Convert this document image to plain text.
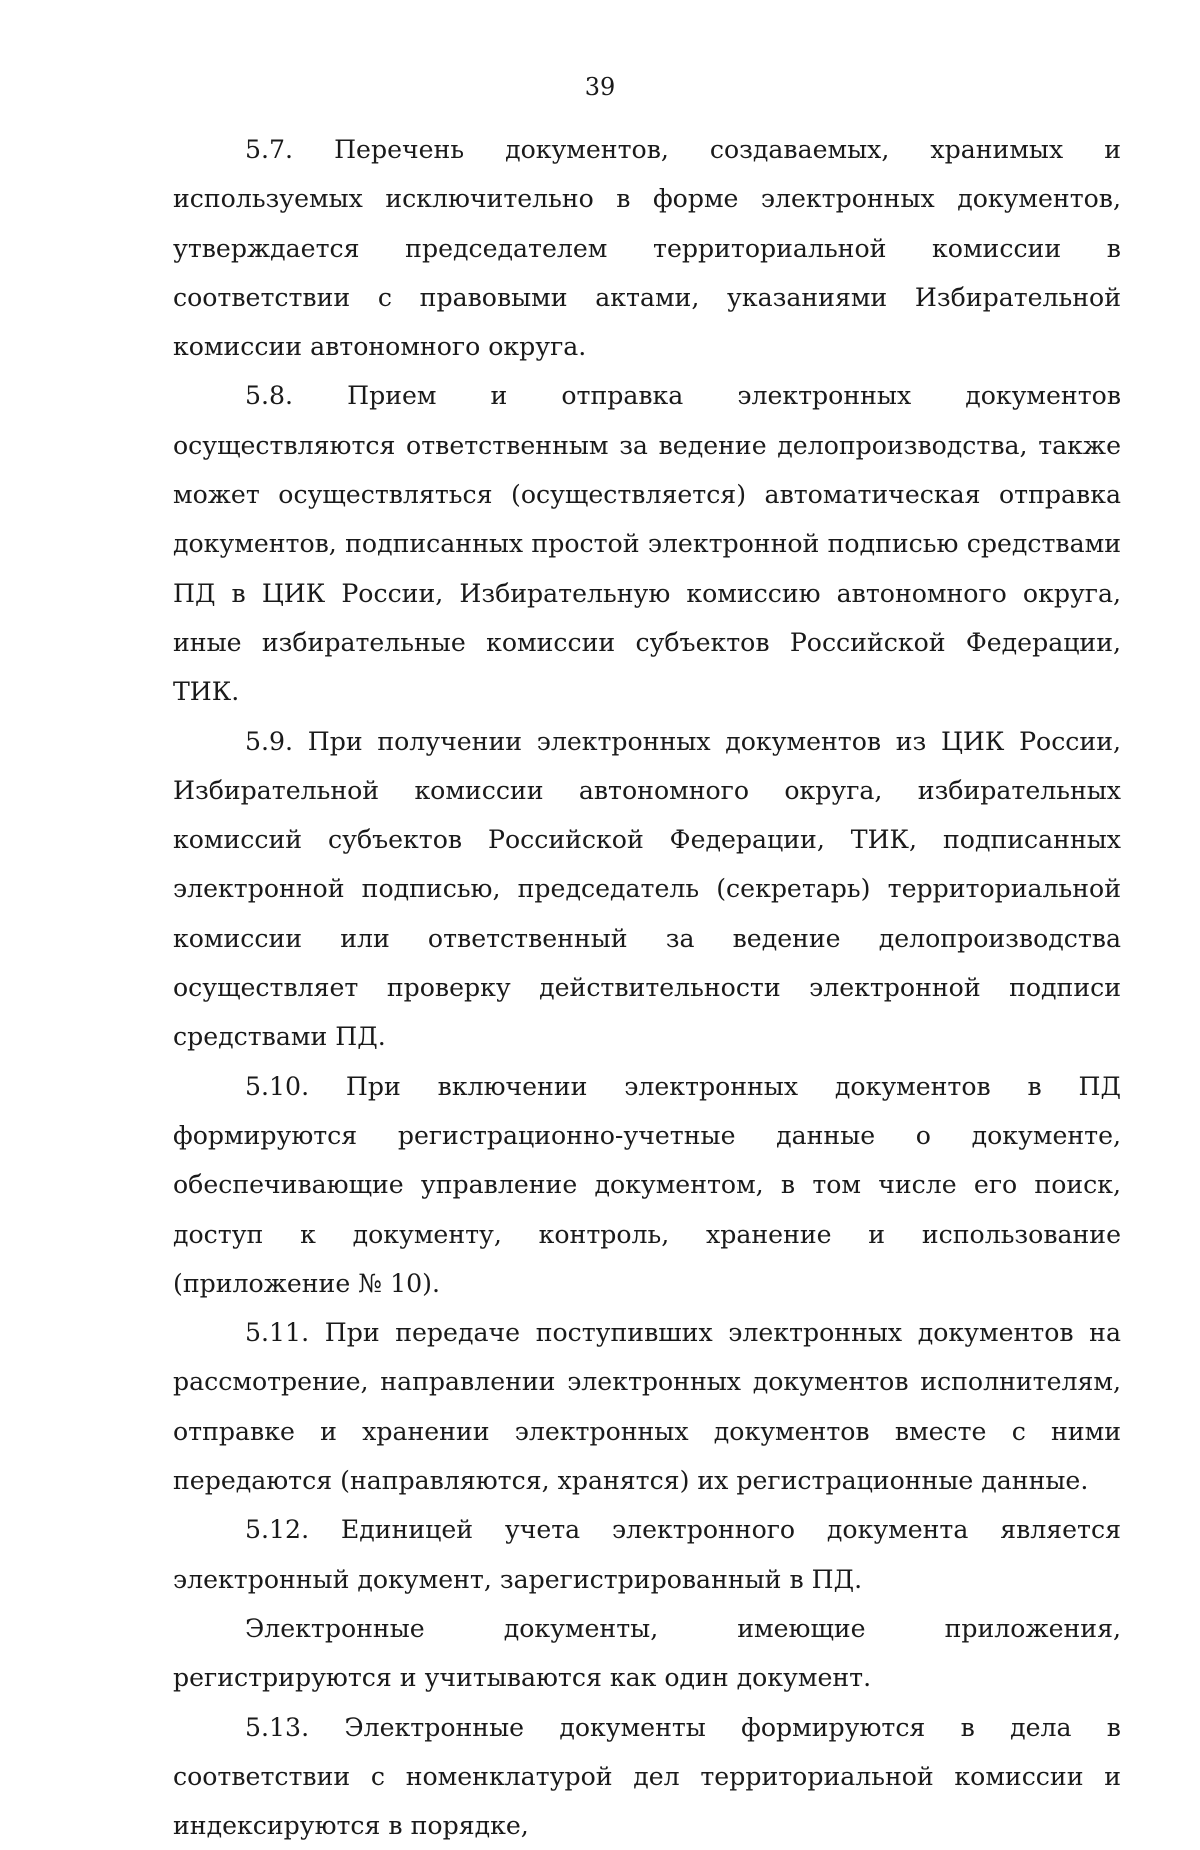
39

5.7. Перечень документов, создаваемых, хранимых и используемых исключительно в форме электронных документов, утверждается председателем территориальной комиссии в соответствии с правовыми актами, указаниями Избирательной комиссии автономного округа.

5.8. Прием и отправка электронных документов осуществляются ответственным за ведение делопроизводства, также может осуществляться (осуществляется) автоматическая отправка документов, подписанных простой электронной подписью средствами ПД в ЦИК России, Избирательную комиссию автономного округа, иные избирательные комиссии субъектов Российской Федерации, ТИК.

5.9. При получении электронных документов из ЦИК России, Избирательной комиссии автономного округа, избирательных комиссий субъектов Российской Федерации, ТИК, подписанных электронной подписью, председатель (секретарь) территориальной комиссии или ответственный за ведение делопроизводства осуществляет проверку действительности электронной подписи средствами ПД.

5.10. При включении электронных документов в ПД формируются регистрационно-учетные данные о документе, обеспечивающие управление документом, в том числе его поиск, доступ к документу, контроль, хранение и использование (приложение № 10).

5.11. При передаче поступивших электронных документов на рассмотрение, направлении электронных документов исполнителям, отправке и хранении электронных документов вместе с ними передаются (направляются, хранятся) их регистрационные данные.

5.12. Единицей учета электронного документа является электронный документ, зарегистрированный в ПД.

Электронные документы, имеющие приложения, регистрируются и учитываются как один документ.

5.13. Электронные документы формируются в дела в соответствии с номенклатурой дел территориальной комиссии и индексируются в порядке,
